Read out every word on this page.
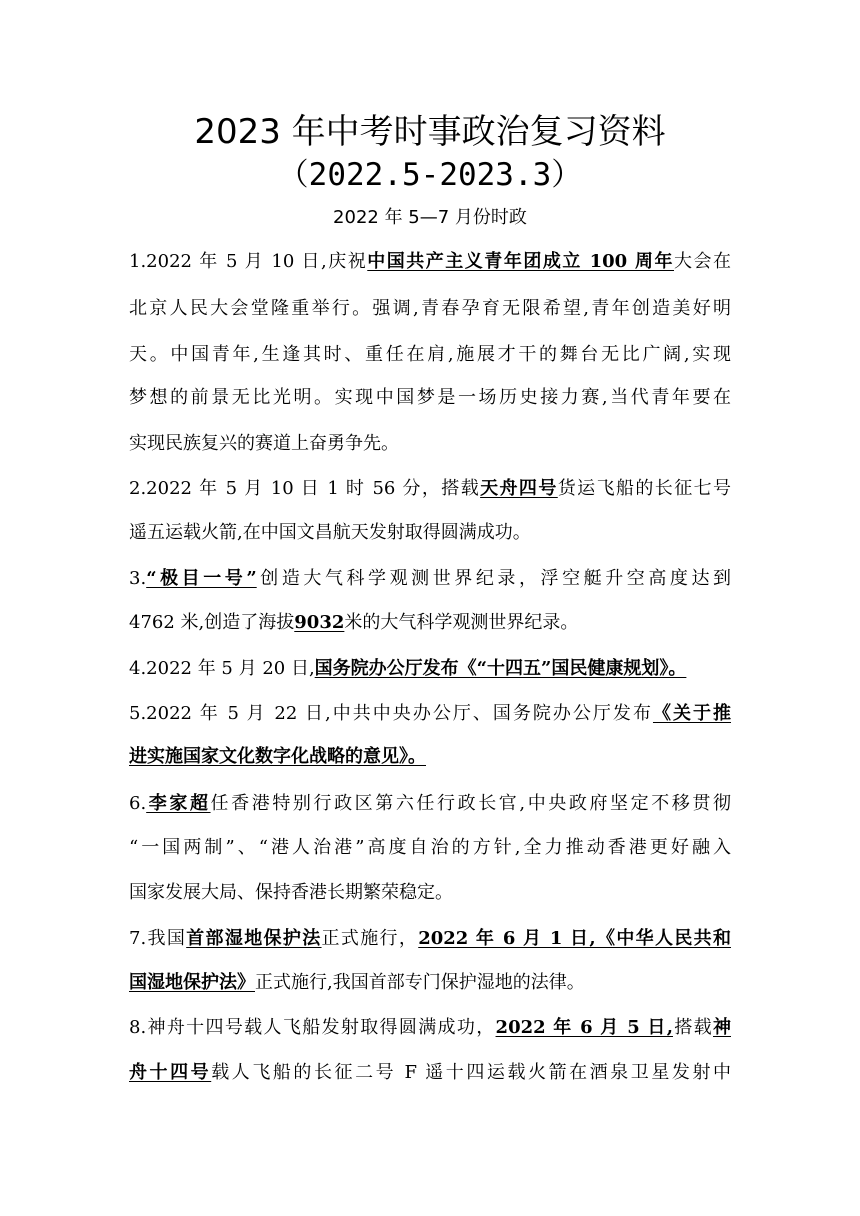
2023 年中考时事政治复习资料
（2022.5-2023.3）
2022 年 5—7 月份时政
1.2022 年 5 月 10 日,庆祝中国共产主义青年团成立 100 周年大会在
北京人民大会堂隆重举行。强调,青春孕育无限希望,青年创造美好明
天。中国青年,生逢其时、重任在肩,施展才干的舞台无比广阔,实现
梦想的前景无比光明。实现中国梦是一场历史接力赛,当代青年要在
实现民族复兴的赛道上奋勇争先。
2.2022 年 5 月 10 日 1 时 56 分，搭载天舟四号货运飞船的长征七号
遥五运载火箭,在中国文昌航天发射取得圆满成功。
3.“极目一号”创造大气科学观测世界纪录，浮空艇升空高度达到
4762 米,创造了海拔9032米的大气科学观测世界纪录。
4.2022 年 5 月 20 日,国务院办公厅发布《“十四五”国民健康规划》。
5.2022 年 5 月 22 日,中共中央办公厅、国务院办公厅发布《关于推
进实施国家文化数字化战略的意见》。
6.李家超任香港特别行政区第六任行政长官,中央政府坚定不移贯彻
“一国两制”、“港人治港”高度自治的方针,全力推动香港更好融入
国家发展大局、保持香港长期繁荣稳定。
7.我国首部湿地保护法正式施行，2022 年 6 月 1 日,《中华人民共和
国湿地保护法》正式施行,我国首部专门保护湿地的法律。
8.神舟十四号载人飞船发射取得圆满成功，2022 年 6 月 5 日,搭载神
舟十四号载人飞船的长征二号 F 遥十四运载火箭在酒泉卫星发射中
